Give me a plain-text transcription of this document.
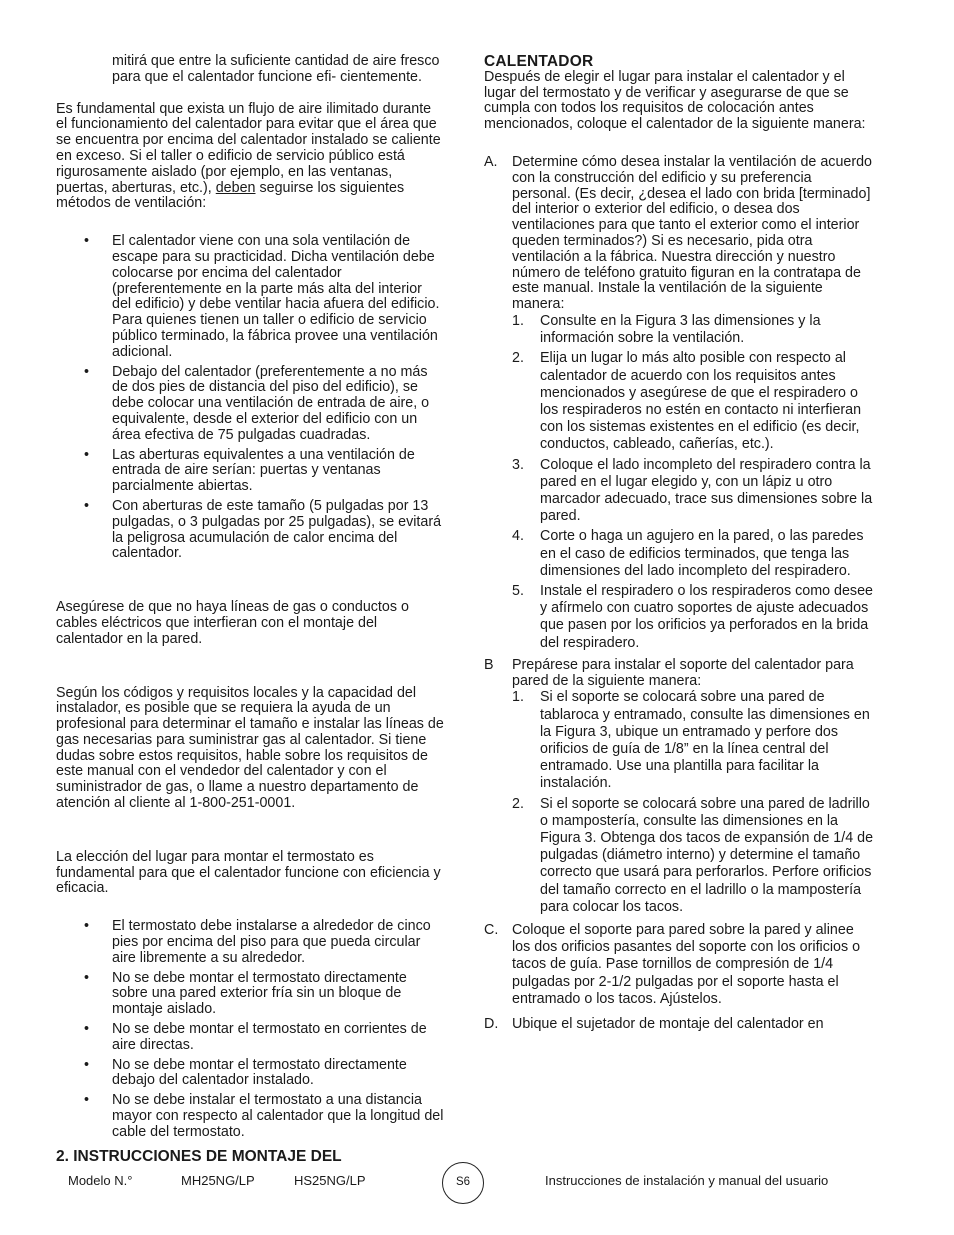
mitirá que entre la suficiente cantidad de aire fresco para que el calentador funcione efi- cientemente.

Es fundamental que exista un flujo de aire ilimitado durante el funcionamiento del calentador para evitar que el área que se encuentra por encima del calentador instalado se caliente en exceso. Si el taller o edificio de servicio público está rigurosamente aislado (por ejemplo, en las ventanas, puertas, aberturas, etc.), deben seguirse los siguientes métodos de ventilación:

• El calentador viene con una sola ventilación de escape para su practicidad. Dicha ventilación debe colocarse por encima del calentador (preferentemente en la parte más alta del interior del edificio) y debe ventilar hacia afuera del edificio. Para quienes tienen un taller o edificio de servicio público terminado, la fábrica provee una ventilación adicional.
• Debajo del calentador (preferentemente a no más de dos pies de distancia del piso del edificio), se debe colocar una ventilación de entrada de aire, o equivalente, desde el exterior del edificio con un área efectiva de 75 pulgadas cuadradas.
• Las aberturas equivalentes a una ventilación de entrada de aire serían: puertas y ventanas parcialmente abiertas.
• Con aberturas de este tamaño (5 pulgadas por 13 pulgadas, o 3 pulgadas por 25 pulgadas), se evitará la peligrosa acumulación de calor encima del calentador.

Asegúrese de que no haya líneas de gas o conductos o cables eléctricos que interfieran con el montaje del calentador en la pared.

Según los códigos y requisitos locales y la capacidad del instalador, es posible que se requiera la ayuda de un profesional para determinar el tamaño e instalar las líneas de gas necesarias para suministrar gas al calentador. Si tiene dudas sobre estos requisitos, hable sobre los requisitos de este manual con el vendedor del calentador y con el suministrador de gas, o llame a nuestro departamento de atención al cliente al 1-800-251-0001.

La elección del lugar para montar el termostato es fundamental para que el calentador funcione con eficiencia y eficacia.

• El termostato debe instalarse a alrededor de cinco pies por encima del piso para que pueda circular aire libremente a su alrededor.
• No se debe montar el termostato directamente sobre una pared exterior fría sin un bloque de montaje aislado.
• No se debe montar el termostato en corrientes de aire directas.
• No se debe montar el termostato directamente debajo del calentador instalado.
• No se debe instalar el termostato a una distancia mayor con respecto al calentador que la longitud del cable del termostato.
2. INSTRUCCIONES DE MONTAJE DEL
CALENTADOR

Después de elegir el lugar para instalar el calentador y el lugar del termostato y de verificar y asegurarse de que se cumpla con todos los requisitos de colocación antes mencionados, coloque el calentador de la siguiente manera:

A. Determine cómo desea instalar la ventilación de acuerdo con la construcción del edificio y su preferencia personal. (Es decir, ¿desea el lado con brida [terminado] del interior o exterior del edificio, o desea dos ventilaciones para que tanto el exterior como el interior queden terminados?) Si es necesario, pida otra ventilación a la fábrica. Nuestra dirección y nuestro número de teléfono gratuito figuran en la contratapa de este manual. Instale la ventilación de la siguiente manera:

1. Consulte en la Figura 3 las dimensiones y la información sobre la ventilación.
2. Elija un lugar lo más alto posible con respecto al calentador de acuerdo con los requisitos antes mencionados y asegúrese de que el respiradero o los respiraderos no estén en contacto ni interfieran con los sistemas existentes en el edificio (es decir, conductos, cableado, cañerías, etc.).
3. Coloque el lado incompleto del respiradero contra la pared en el lugar elegido y, con un lápiz u otro marcador adecuado, trace sus dimensiones sobre la pared.
4. Corte o haga un agujero en la pared, o las paredes en el caso de edificios terminados, que tenga las dimensiones del lado incompleto del respiradero.
5. Instale el respiradero o los respiraderos como desee y afírmelo con cuatro soportes de ajuste adecuados que pasen por los orificios ya perforados en la brida del respiradero.
B Prepárese para instalar el soporte del calentador para pared de la siguiente manera:

1. Si el soporte se colocará sobre una pared de tablaroca y entramado, consulte las dimensiones en la Figura 3, ubique un entramado y perfore dos orificios de guía de 1/8” en la línea central del entramado. Use una plantilla para facilitar la instalación.
2. Si el soporte se colocará sobre una pared de ladrillo o mampostería, consulte las dimensiones en la Figura 3. Obtenga dos tacos de expansión de 1/4 de pulgadas (diámetro interno) y determine el tamaño correcto que usará para perforarlos. Perfore orificios del tamaño correcto en el ladrillo o la mampostería para colocar los tacos.
C. Coloque el soporte para pared sobre la pared y alinee los dos orificios pasantes del soporte con los orificios o tacos de guía. Pase tornillos de compresión de 1/4 pulgadas por 2-1/2 pulgadas por el soporte hasta el entramado o los tacos. Ajústelos.

D. Ubique el sujetador de montaje del calentador en

Modelo N.°	MH25NG/LP	HS25NG/LP	S6	Instrucciones de instalación y manual del usuario
